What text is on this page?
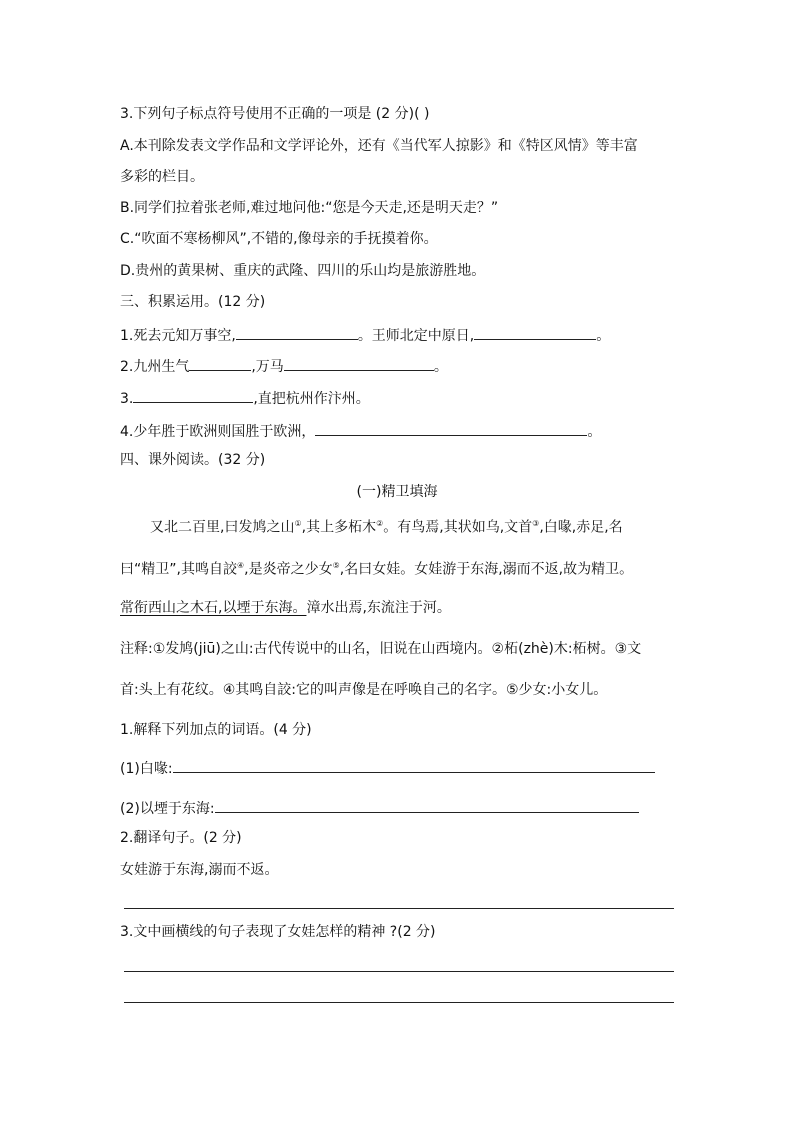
3.下列句子标点符号使用不正确的一项是 (2 分)( )
A.本刊除发表文学作品和文学评论外，还有《当代军人掠影》和《特区风情》等丰富
多彩的栏目。
B.同学们拉着张老师,难过地问他:“您是今天走,还是明天走？”
C.“吹面不寒杨柳风”,不错的,像母亲的手抚摸着你。
D.贵州的黄果树、重庆的武隆、四川的乐山均是旅游胜地。
三、积累运用。(12 分)
1.死去元知万事空,	。王师北定中原日,	。
2.九州生气	,万马	。
3.	,直把杭州作汴州。
4.少年胜于欧洲则国胜于欧洲，	。
四、课外阅读。(32 分)
(一)精卫填海
又北二百里,曰发鸠之山①,其上多柘木②。有鸟焉,其状如乌,文首③,白喙,赤足,名
曰“精卫”,其鸣自詨④,是炎帝之少女⑤,名曰女娃。女娃游于东海,溺而不返,故为精卫。
常衔西山之木石,以堙于东海。漳水出焉,东流注于河。
注释:①发鸠(jiū)之山:古代传说中的山名，旧说在山西境内。②柘(zhè)木:柘树。③文
首:头上有花纹。④其鸣自詨:它的叫声像是在呼唤自己的名字。⑤少女:小女儿。
1.解释下列加点的词语。(4 分)
(1)白喙:
(2)以堙于东海:
2.翻译句子。(2 分)
女娃游于东海,溺而不返。
3.文中画横线的句子表现了女娃怎样的精神 ?(2 分)
